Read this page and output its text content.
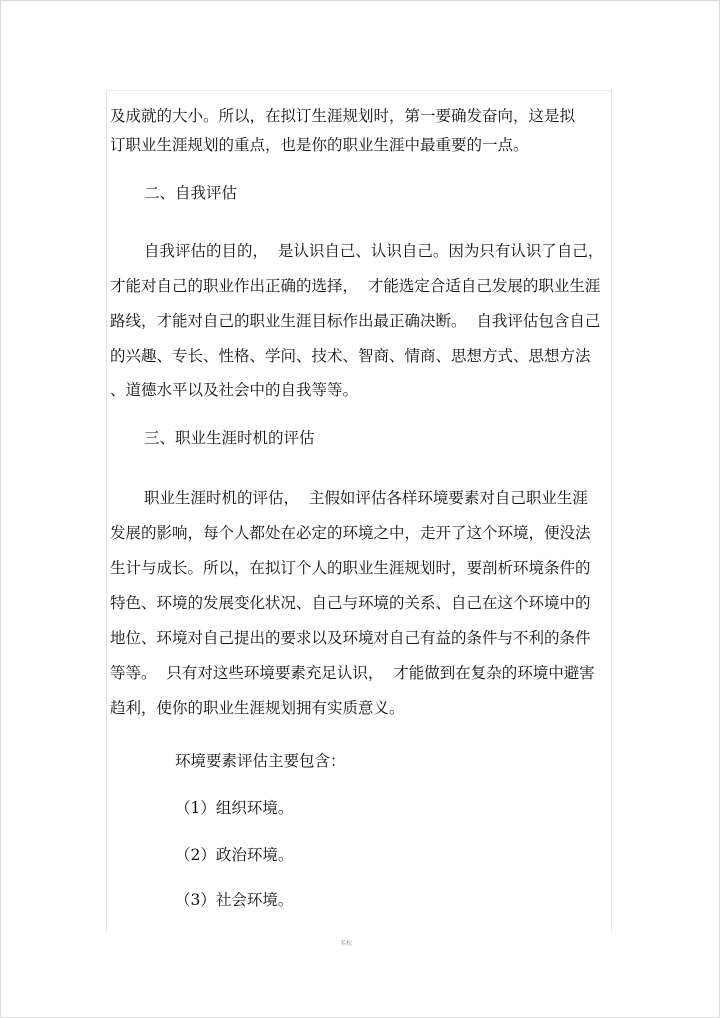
及成就的大小。所以，在拟订生涯规划时，第一要确发奋向，这是拟

订职业生涯规划的重点，也是你的职业生涯中最重要的一点。

二、自我评估

自我评估的目的，  是认识自己、认识自己。因为只有认识了自己，

才能对自己的职业作出正确的选择，  才能选定合适自己发展的职业生涯

路线，才能对自己的职业生涯目标作出最正确决断。  自我评估包含自己

的兴趣、专长、性格、学问、技术、智商、情商、思想方式、思想方法

、道德水平以及社会中的自我等等。

三、职业生涯时机的评估

职业生涯时机的评估，  主假如评估各样环境要素对自己职业生涯

发展的影响，每个人都处在必定的环境之中，走开了这个环境，便没法

生计与成长。所以，在拟订个人的职业生涯规划时，要剖析环境条件的

特色、环境的发展变化状况、自己与环境的关系、自己在这个环境中的

地位、环境对自己提出的要求以及环境对自己有益的条件与不利的条件

等等。  只有对这些环境要素充足认识，  才能做到在复杂的环境中避害

趋利，使你的职业生涯规划拥有实质意义。

环境要素评估主要包含：

（1）组织环境。

（2）政治环境。

（3）社会环境。

名校
